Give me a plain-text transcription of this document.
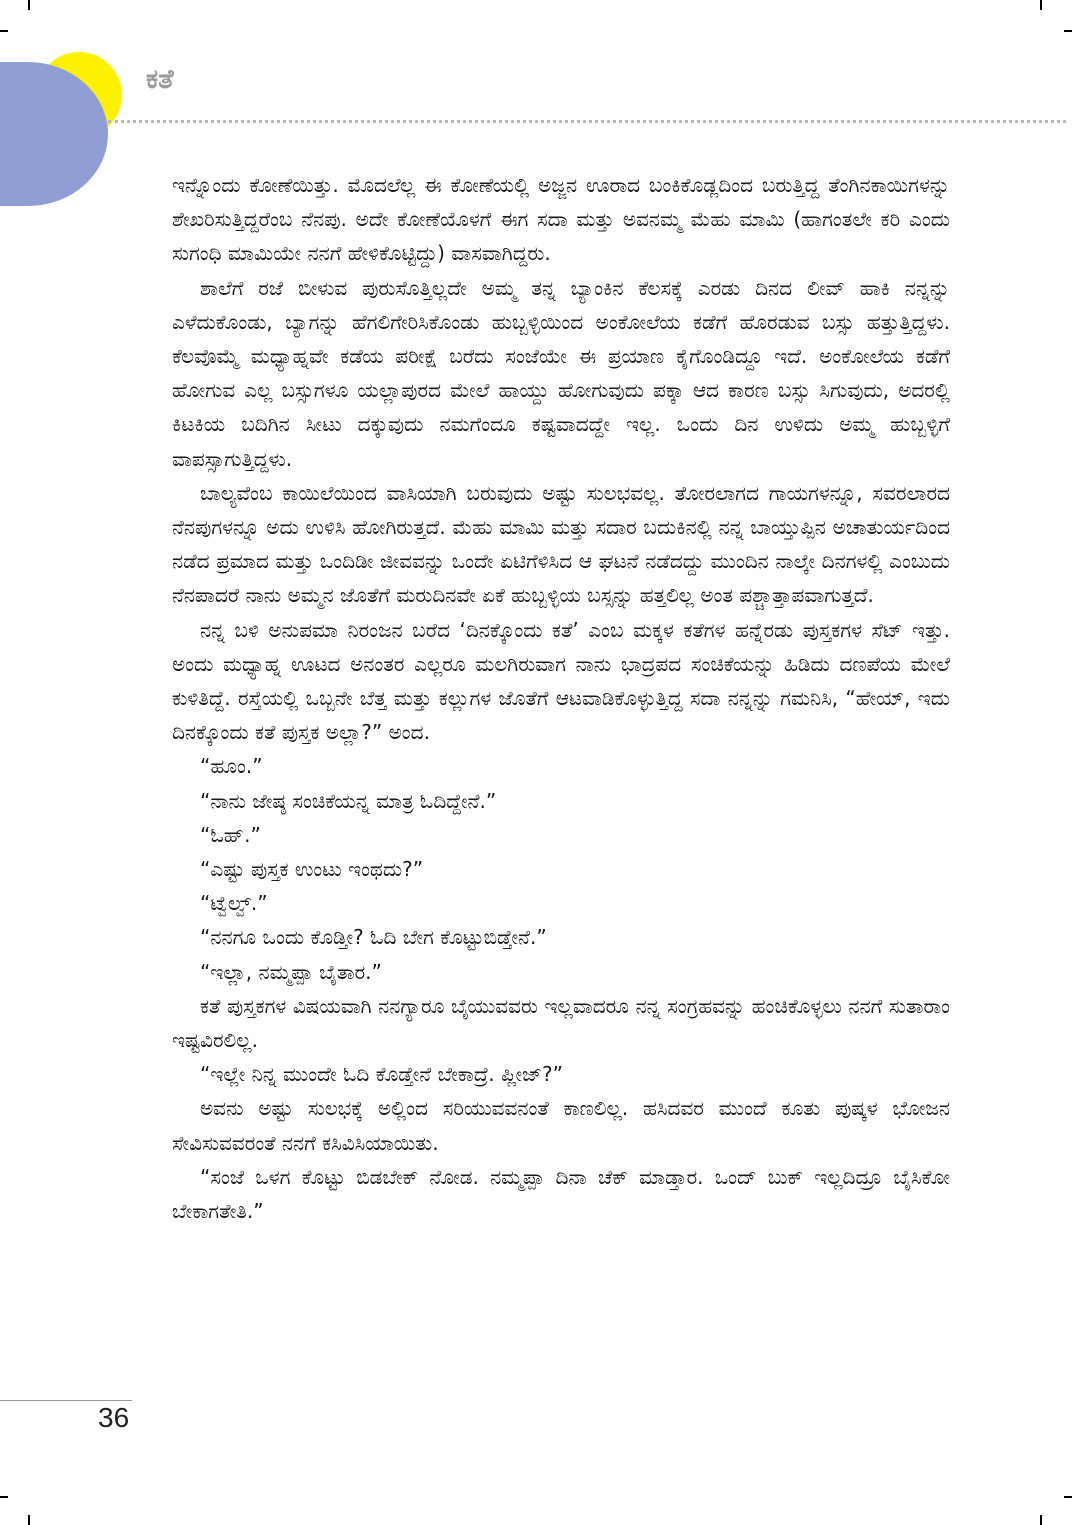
ಕತೆ

ಇನ್ನೊಂದು ಕೋಣೆಯಿತ್ತು. ಮೊದಲೆಲ್ಲ ಈ ಕೋಣೆಯಲ್ಲಿ ಅಜ್ಜನ ಊರಾದ ಬಂಕಿಕೊಡ್ಲದಿಂದ ಬರುತ್ತಿದ್ದ ತೆಂಗಿನಕಾಯಿಗಳನ್ನು ಶೇಖರಿಸುತ್ತಿದ್ದರೆಂಬ ನೆನಪು. ಅದೇ ಕೋಣೆಯೊಳಗೆ ಈಗ ಸದಾ ಮತ್ತು ಅವನಮ್ಮ ಮೆಹು ಮಾಮಿ (ಹಾಗಂತಲೇ ಕರಿ ಎಂದು ಸುಗಂಧಿ ಮಾಮಿಯೇ ನನಗೆ ಹೇಳಿಕೊಟ್ಟಿದ್ದು) ವಾಸವಾಗಿದ್ದರು.

ಶಾಲೆಗೆ ರಜೆ ಬೀಳುವ ಪುರುಸೊತ್ತಿಲ್ಲದೇ ಅಮ್ಮ ತನ್ನ ಬ್ಯಾಂಕಿನ ಕೆಲಸಕ್ಕೆ ಎರಡು ದಿನದ ಲೀವ್ ಹಾಕಿ ನನ್ನನ್ನು ಎಳೆದುಕೊಂಡು, ಬ್ಯಾಗನ್ನು ಹೆಗಲಿಗೇರಿಸಿಕೊಂಡು ಹುಬ್ಬಳ್ಳಿಯಿಂದ ಅಂಕೋಲೆಯ ಕಡೆಗೆ ಹೊರಡುವ ಬಸ್ಸು ಹತ್ತುತ್ತಿದ್ದಳು. ಕೆಲವೊಮ್ಮೆ ಮಧ್ಯಾಹ್ನವೇ ಕಡೆಯ ಪರೀಕ್ಷೆ ಬರೆದು ಸಂಜೆಯೇ ಈ ಪ್ರಯಾಣ ಕೈಗೊಂಡಿದ್ದೂ ಇದೆ. ಅಂಕೋಲೆಯ ಕಡೆಗೆ ಹೋಗುವ ಎಲ್ಲ ಬಸ್ಸುಗಳೂ ಯಲ್ಲಾಪುರದ ಮೇಲೆ ಹಾಯ್ದು ಹೋಗುವುದು ಪಕ್ಕಾ ಆದ ಕಾರಣ ಬಸ್ಸು ಸಿಗುವುದು, ಅದರಲ್ಲಿ ಕಿಟಕಿಯ ಬದಿಗಿನ ಸೀಟು ದಕ್ಕುವುದು ನಮಗೆಂದೂ ಕಷ್ಟವಾದದ್ದೇ ಇಲ್ಲ. ಒಂದು ದಿನ ಉಳಿದು ಅಮ್ಮ ಹುಬ್ಬಳ್ಳಿಗೆ ವಾಪಸ್ಸಾಗುತ್ತಿದ್ದಳು.

ಬಾಲ್ಯವೆಂಬ ಕಾಯಿಲೆಯಿಂದ ವಾಸಿಯಾಗಿ ಬರುವುದು ಅಷ್ಟು ಸುಲಭವಲ್ಲ. ತೋರಲಾಗದ ಗಾಯಗಳನ್ನೂ, ಸವರಲಾರದ ನೆನಪುಗಳನ್ನೂ ಅದು ಉಳಿಸಿ ಹೋಗಿರುತ್ತದೆ. ಮೆಹು ಮಾಮಿ ಮತ್ತು ಸದಾರ ಬದುಕಿನಲ್ಲಿ ನನ್ನ ಬಾಯ್ತುಪ್ಪಿನ ಅಚಾತುರ್ಯದಿಂದ ನಡೆದ ಪ್ರಮಾದ ಮತ್ತು ಒಂದಿಡೀ ಜೀವವನ್ನು ಒಂದೇ ಏಟಿಗೆಳಿಸಿದ ಆ ಘಟನೆ ನಡೆದದ್ದು ಮುಂದಿನ ನಾಲ್ಕೇ ದಿನಗಳಲ್ಲಿ ಎಂಬುದು ನೆನಪಾದರೆ ನಾನು ಅಮ್ಮನ ಜೊತೆಗೆ ಮರುದಿನವೇ ಏಕೆ ಹುಬ್ಬಳ್ಳಿಯ ಬಸ್ಸನ್ನು ಹತ್ತಲಿಲ್ಲ ಅಂತ ಪಶ್ಚಾತ್ತಾಪವಾಗುತ್ತದೆ.

ನನ್ನ ಬಳಿ ಅನುಪಮಾ ನಿರಂಜನ ಬರೆದ ‘ದಿನಕ್ಕೊಂದು ಕತೆ’ ಎಂಬ ಮಕ್ಕಳ ಕತೆಗಳ ಹನ್ನೆರಡು ಪುಸ್ತಕಗಳ ಸೆಟ್ ಇತ್ತು. ಅಂದು ಮಧ್ಯಾಹ್ನ ಊಟದ ಅನಂತರ ಎಲ್ಲರೂ ಮಲಗಿರುವಾಗ ನಾನು ಭಾದ್ರಪದ ಸಂಚಿಕೆಯನ್ನು ಹಿಡಿದು ದಣಪೆಯ ಮೇಲೆ ಕುಳಿತಿದ್ದೆ. ರಸ್ತೆಯಲ್ಲಿ ಒಬ್ಬನೇ ಬೆತ್ತ ಮತ್ತು ಕಲ್ಲುಗಳ ಜೊತೆಗೆ ಆಟವಾಡಿಕೊಳ್ಳುತ್ತಿದ್ದ ಸದಾ ನನ್ನನ್ನು ಗಮನಿಸಿ, “ಹೇಯ್, ಇದು ದಿನಕ್ಕೊಂದು ಕತೆ ಪುಸ್ತಕ ಅಲ್ಲಾ?” ಅಂದ.

“ಹೂಂ.”

“ನಾನು ಜೇಷ್ಠ ಸಂಚಿಕೆಯನ್ನ ಮಾತ್ರ ಓದಿದ್ದೇನೆ.”

“ಓಹ್.”

“ಎಷ್ಟು ಪುಸ್ತಕ ಉಂಟು ಇಂಥದು?”

“ಟ್ವೆಲ್ವ್.”

“ನನಗೂ ಒಂದು ಕೊಡ್ತೀ? ಓದಿ ಬೇಗ ಕೊಟ್ಟುಬಿಡ್ತೇನೆ.”

“ಇಲ್ಲಾ, ನಮ್ಮಪ್ಪಾ ಬೈತಾರ.”

ಕತೆ ಪುಸ್ತಕಗಳ ವಿಷಯವಾಗಿ ನನಗ್ಯಾರೂ ಬೈಯುವವರು ಇಲ್ಲವಾದರೂ ನನ್ನ ಸಂಗ್ರಹವನ್ನು ಹಂಚಿಕೊಳ್ಳಲು ನನಗೆ ಸುತಾರಾಂ ಇಷ್ಟವಿರಲಿಲ್ಲ.

“ಇಲ್ಲೇ ನಿನ್ನ ಮುಂದೇ ಓದಿ ಕೊಡ್ತೇನೆ ಬೇಕಾದ್ರೆ. ಪ್ಲೀಜ್?”

ಅವನು ಅಷ್ಟು ಸುಲಭಕ್ಕೆ ಅಲ್ಲಿಂದ ಸರಿಯುವವನಂತೆ ಕಾಣಲಿಲ್ಲ. ಹಸಿದವರ ಮುಂದೆ ಕೂತು ಪುಷ್ಕಳ ಭೋಜನ ಸೇವಿಸುವವರಂತೆ ನನಗೆ ಕಸಿವಿಸಿಯಾಯಿತು.

“ಸಂಜೆ ಒಳಗ ಕೊಟ್ಟು ಬಿಡಬೇಕ್ ನೋಡ. ನಮ್ಮಪ್ಪಾ ದಿನಾ ಚೆಕ್ ಮಾಡ್ತಾರ. ಒಂದ್ ಬುಕ್ ಇಲ್ಲದಿದ್ರೂ ಬೈಸಿಕೋ ಬೇಕಾಗತೇತಿ.”

36
